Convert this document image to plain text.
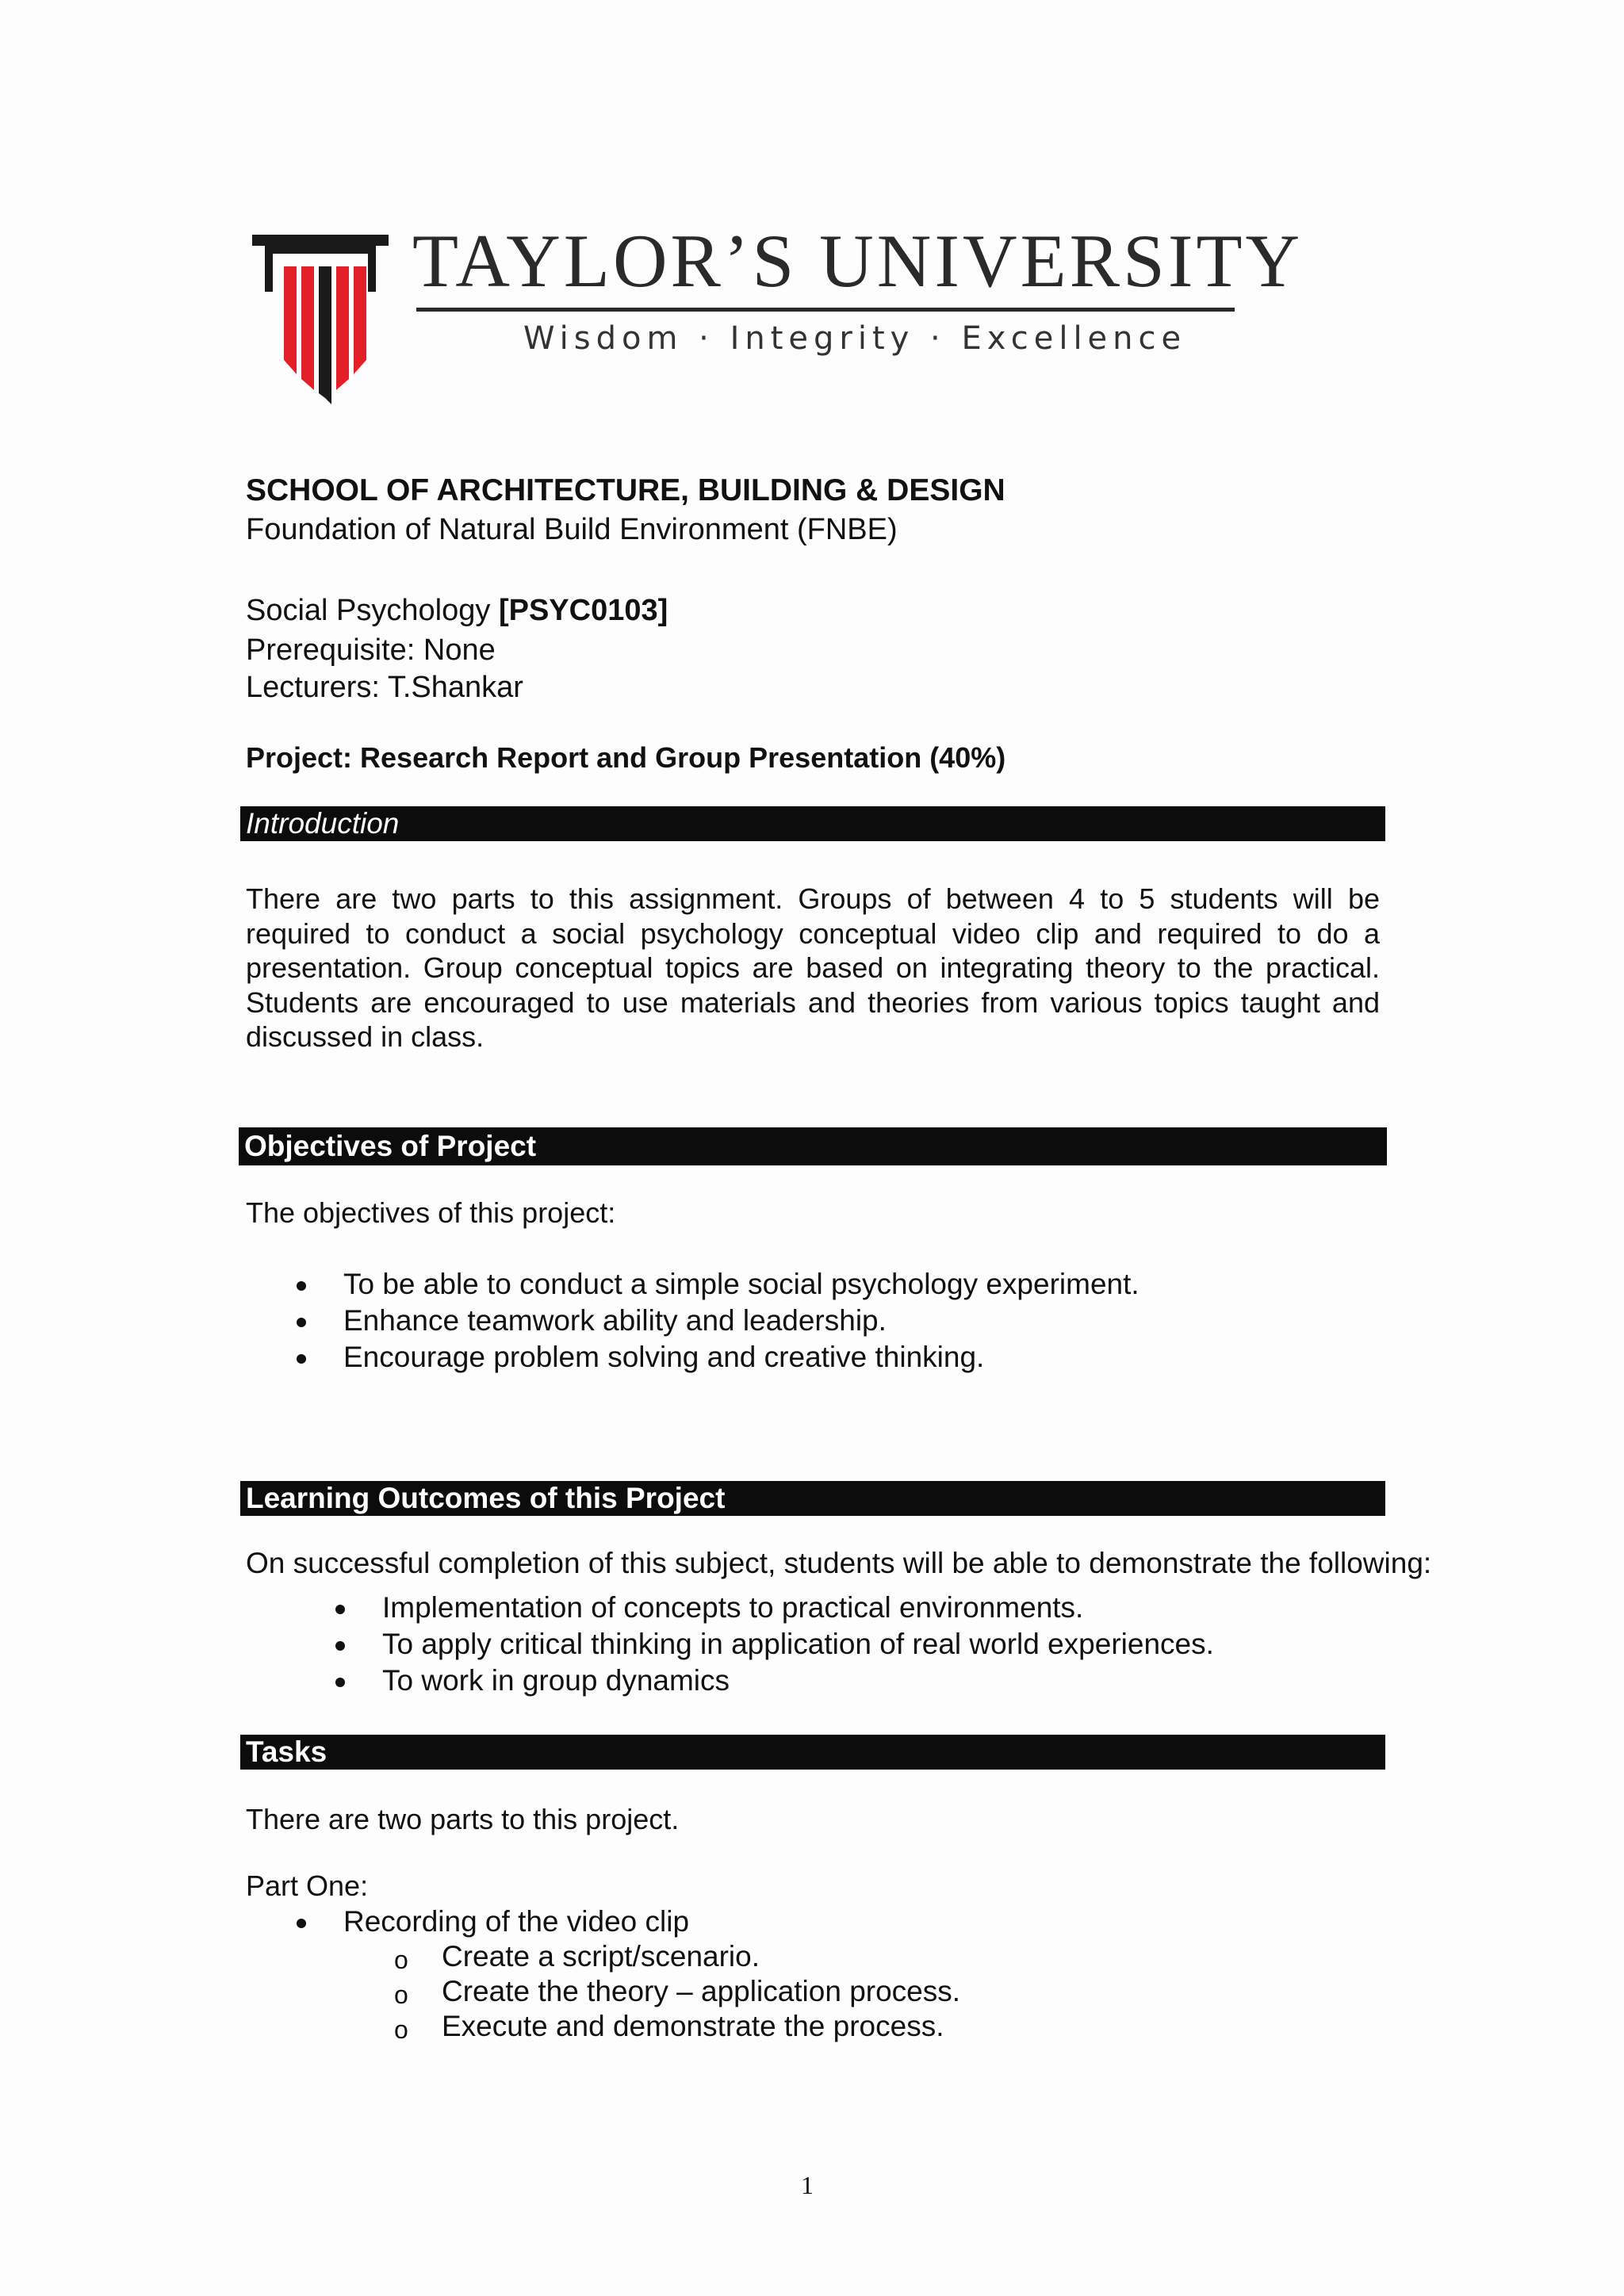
TAYLOR’S UNIVERSITY
Wisdom · Integrity · Excellence
SCHOOL OF ARCHITECTURE, BUILDING & DESIGN
Foundation of Natural Build Environment (FNBE)
Social Psychology [PSYC0103]
Prerequisite: None
Lecturers: T.Shankar
Project: Research Report and Group Presentation (40%)
Introduction
There are two parts to this assignment. Groups of between 4 to 5 students will be required to conduct a social psychology conceptual video clip and required to do a presentation. Group conceptual topics are based on integrating theory to the practical. Students are encouraged to use materials and theories from various topics taught and discussed in class.
Objectives of Project
The objectives of this project:
To be able to conduct a simple social psychology experiment.
Enhance teamwork ability and leadership.
Encourage problem solving and creative thinking.
Learning Outcomes of this Project
On successful completion of this subject, students will be able to demonstrate the following:
Implementation of concepts to practical environments.
To apply critical thinking in application of real world experiences.
To work in group dynamics
Tasks
There are two parts to this project.
Part One:
Recording of the video clip
o Create a script/scenario.
o Create the theory – application process.
o Execute and demonstrate the process.
1
